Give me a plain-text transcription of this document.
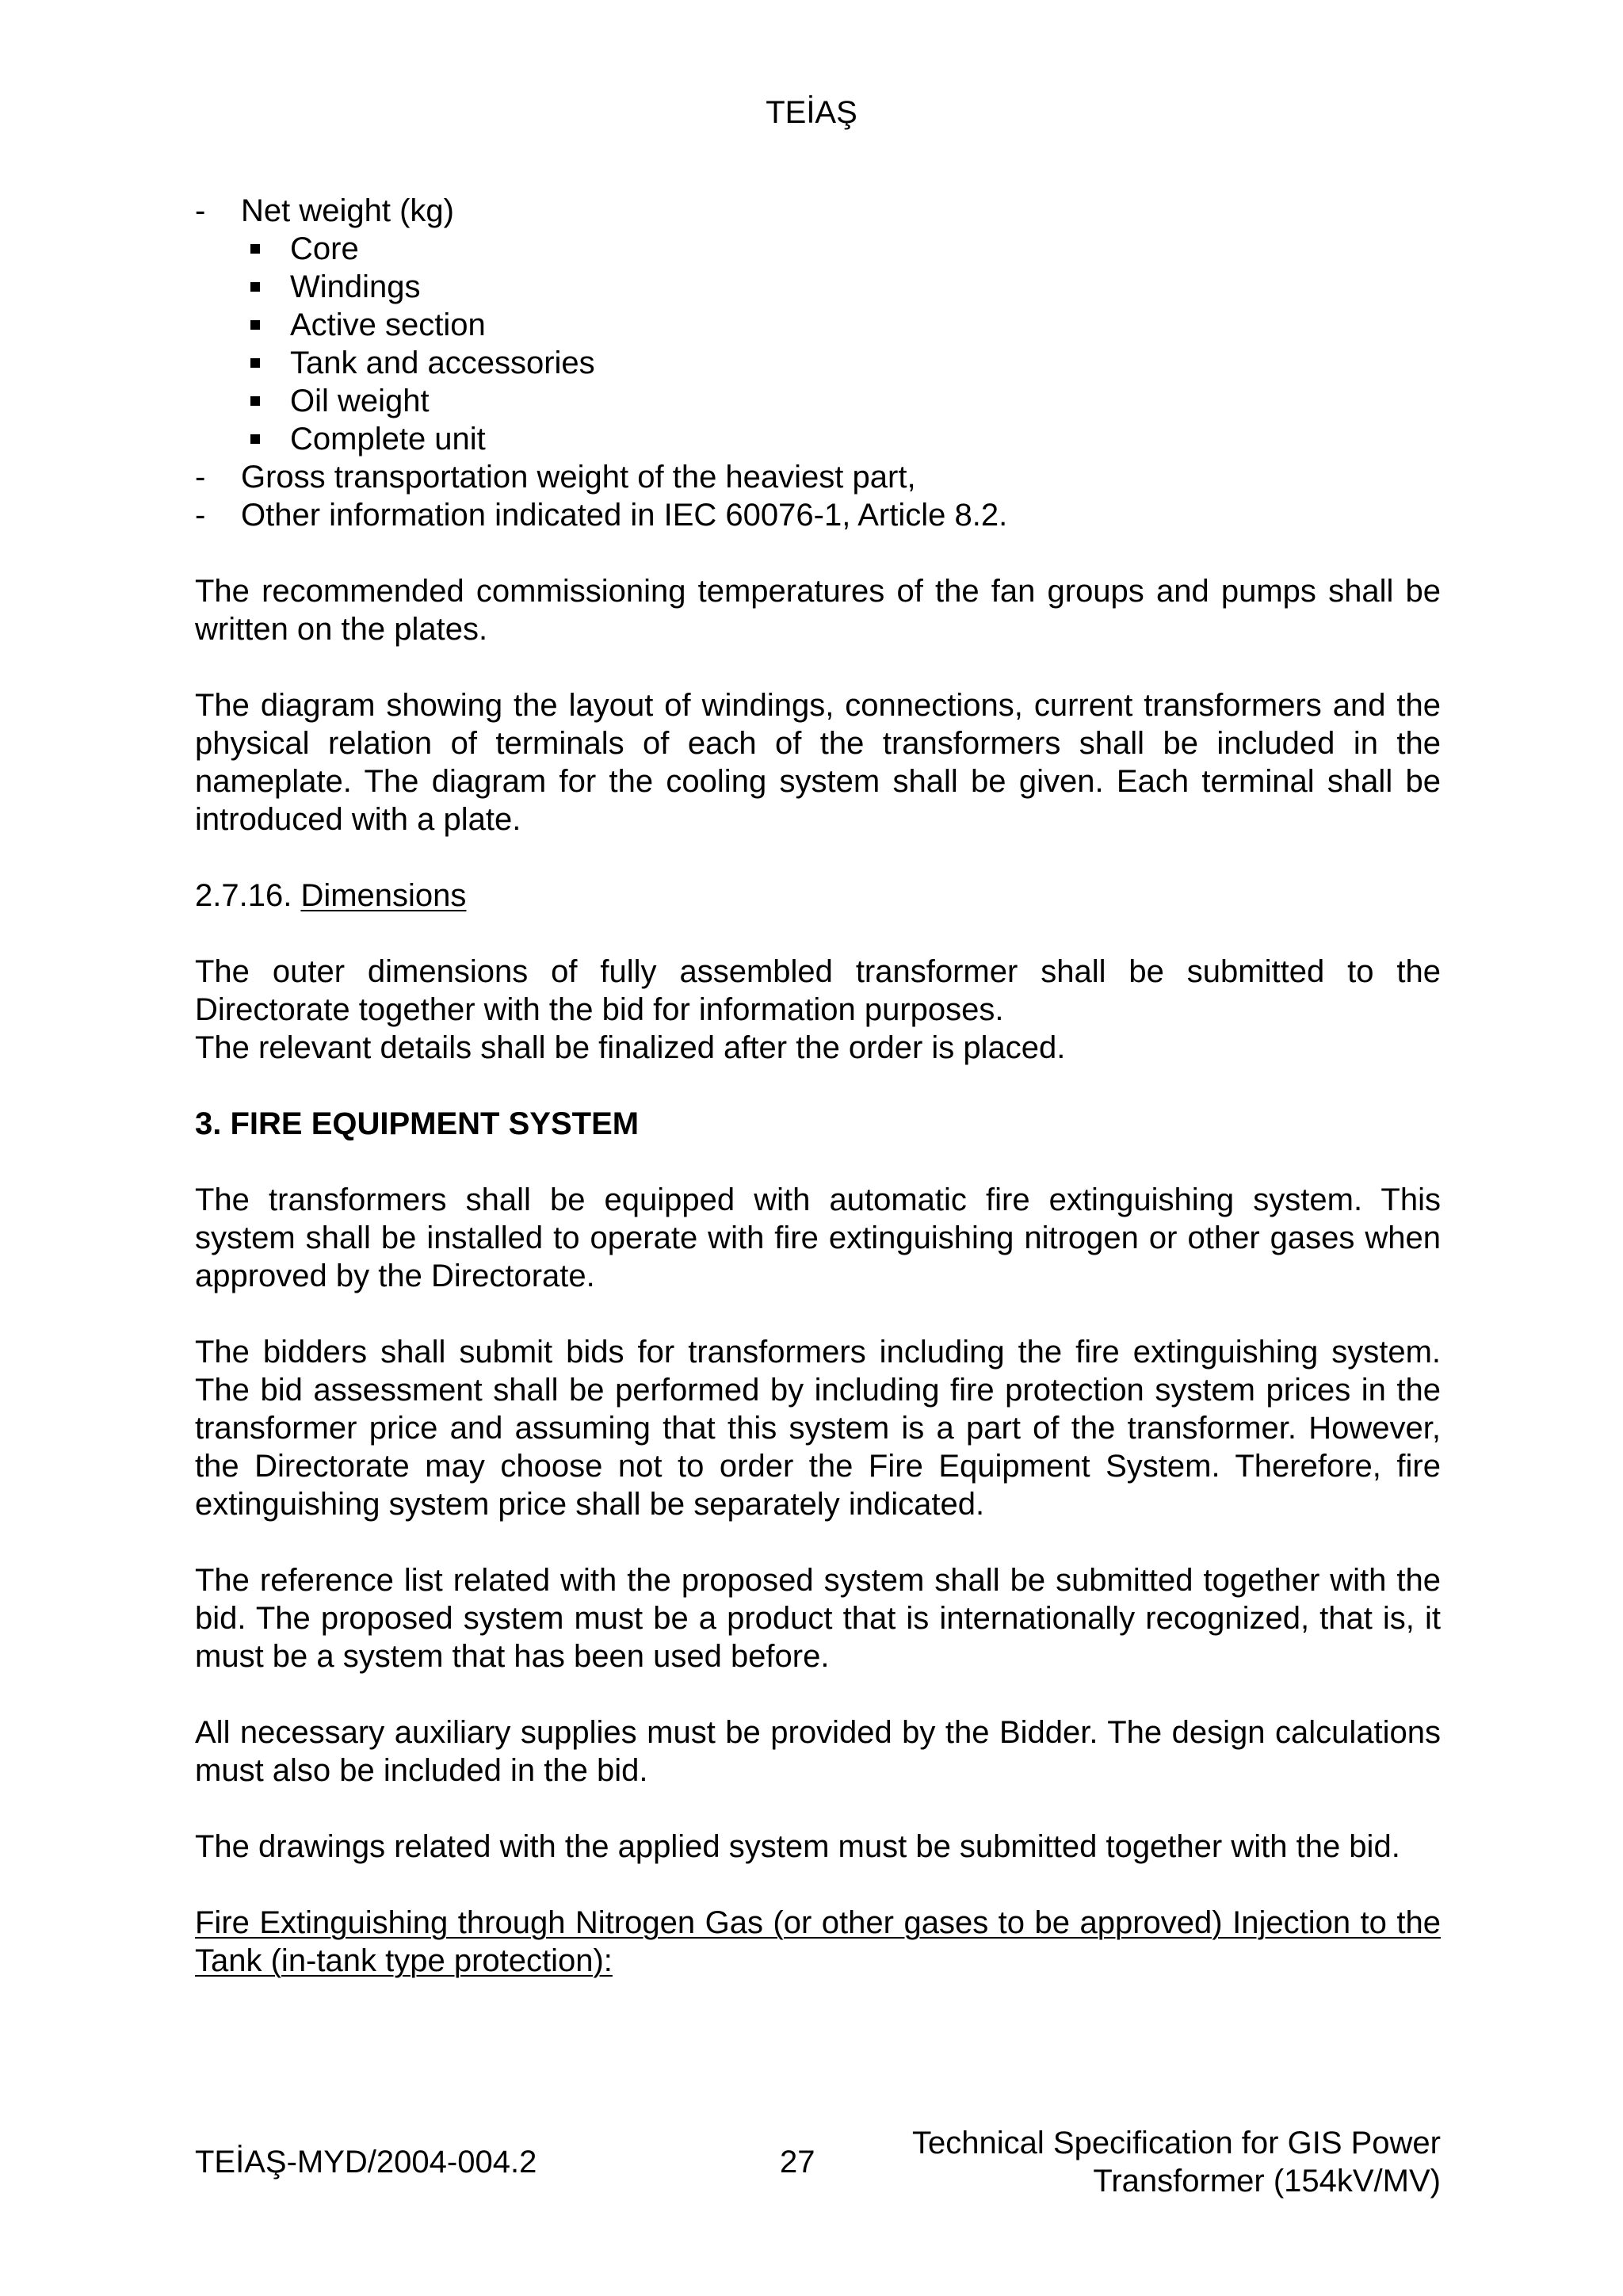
TEİAŞ
- Net weight (kg)
Core
Windings
Active section
Tank and accessories
Oil weight
Complete unit
- Gross transportation weight of the heaviest part,
- Other information indicated in IEC 60076-1, Article 8.2.

The recommended commissioning temperatures of the fan groups and pumps shall be written on the plates.

The diagram showing the layout of windings, connections, current transformers and the physical relation of terminals of each of the transformers shall be included in the nameplate. The diagram for the cooling system shall be given. Each terminal shall be introduced with a plate.

2.7.16. Dimensions

The outer dimensions of fully assembled transformer shall be submitted to the Directorate together with the bid for information purposes.

The relevant details shall be finalized after the order is placed.

3. FIRE EQUIPMENT SYSTEM

The transformers shall be equipped with automatic fire extinguishing system. This system shall be installed to operate with fire extinguishing nitrogen or other gases when approved by the Directorate.

The bidders shall submit bids for transformers including the fire extinguishing system. The bid assessment shall be performed by including fire protection system prices in the transformer price and assuming that this system is a part of the transformer. However, the Directorate may choose not to order the Fire Equipment System. Therefore, fire extinguishing system price shall be separately indicated.

The reference list related with the proposed system shall be submitted together with the bid. The proposed system must be a product that is internationally recognized, that is, it must be a system that has been used before.

All necessary auxiliary supplies must be provided by the Bidder. The design calculations must also be included in the bid.

The drawings related with the applied system must be submitted together with the bid.

Fire Extinguishing through Nitrogen Gas (or other gases to be approved) Injection to the Tank (in-tank type protection):

TEİAŞ-MYD/2004-004.2	27
Technical Specification for GIS Power
Transformer (154kV/MV)
